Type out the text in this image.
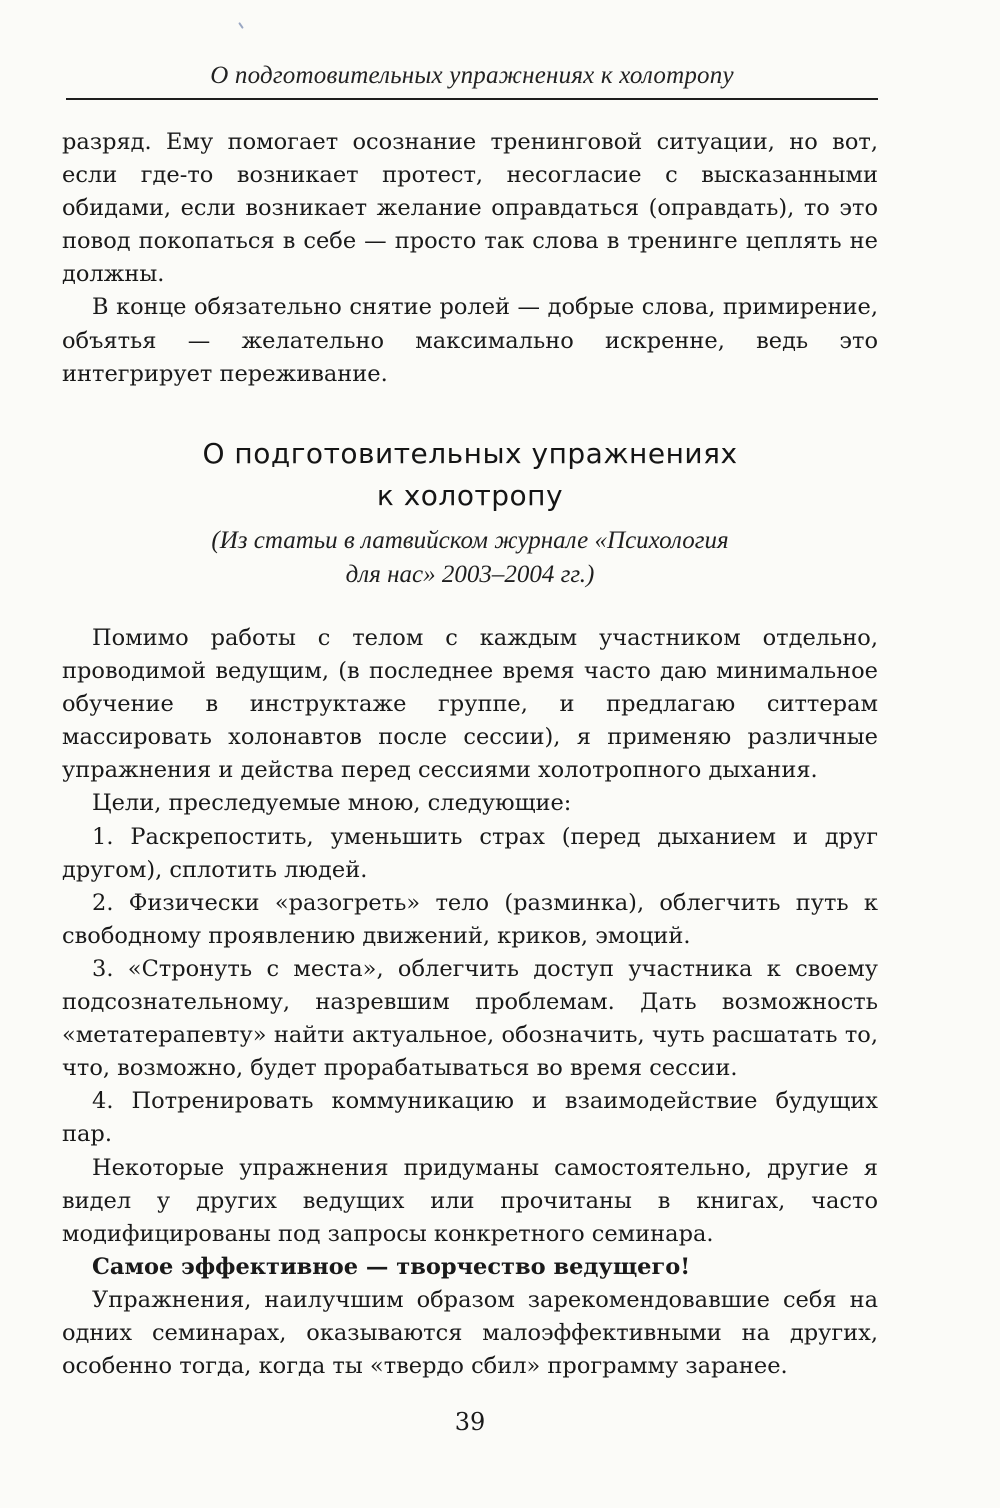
О подготовительных упражнениях к холотропу

разряд. Ему помогает осознание тренинговой ситуации, но вот, если где-то возникает протест, несогласие с высказанными обидами, если возникает желание оправдаться (оправдать), то это повод покопаться в себе — просто так слова в тренинге цеплять не должны.

В конце обязательно снятие ролей — добрые слова, примирение, объятья — желательно максимально искренне, ведь это интегрирует переживание.

О подготовительных упражнениях
к холотропу
(Из статьи в латвийском журнале «Психология
для нас» 2003–2004 гг.)

Помимо работы с телом с каждым участником отдельно, проводимой ведущим, (в последнее время часто даю минимальное обучение в инструктаже группе, и предлагаю ситтерам массировать холонавтов после сессии), я применяю различные упражнения и действа перед сессиями холотропного дыхания.

Цели, преследуемые мною, следующие:

1. Раскрепостить, уменьшить страх (перед дыханием и друг другом), сплотить людей.

2. Физически «разогреть» тело (разминка), облегчить путь к свободному проявлению движений, криков, эмоций.

3. «Стронуть с места», облегчить доступ участника к своему подсознательному, назревшим проблемам. Дать возможность «метатерапевту» найти актуальное, обозначить, чуть расшатать то, что, возможно, будет прорабатываться во время сессии.

4. Потренировать коммуникацию и взаимодействие будущих пар.

Некоторые упражнения придуманы самостоятельно, другие я видел у других ведущих или прочитаны в книгах, часто модифицированы под запросы конкретного семинара.

Самое эффективное — творчество ведущего!

Упражнения, наилучшим образом зарекомендовавшие себя на одних семинарах, оказываются малоэффективными на других, особенно тогда, когда ты «твердо сбил» программу заранее.

39
